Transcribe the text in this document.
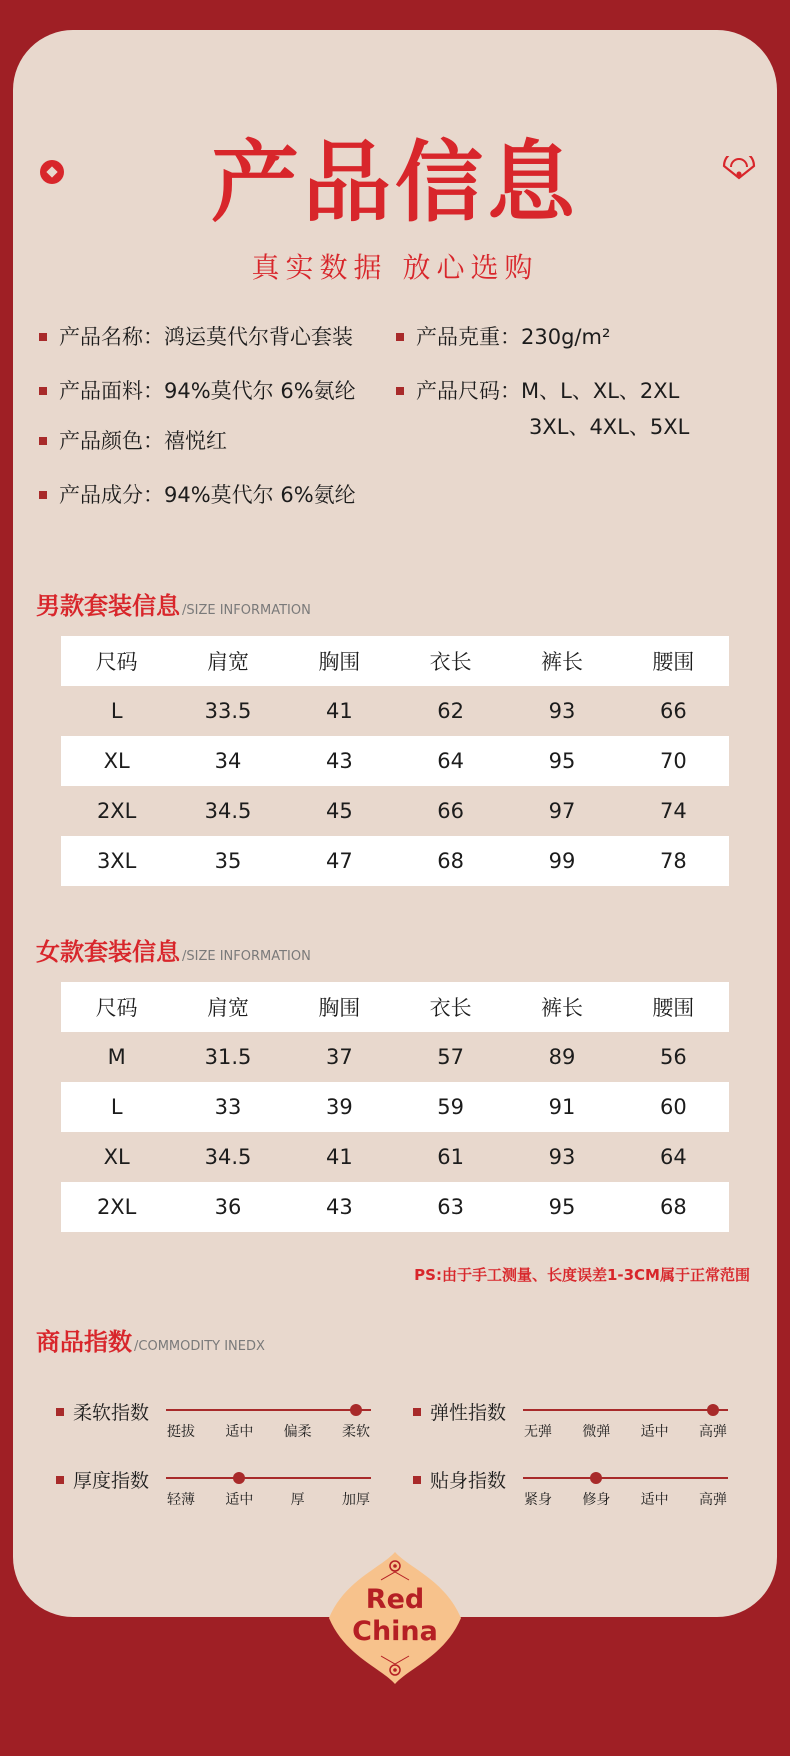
产品信息
真实数据 放心选购
产品名称：鸿运莫代尔背心套装
产品面料：94%莫代尔 6%氨纶
产品颜色：禧悦红
产品成分：94%莫代尔 6%氨纶
产品克重：230g/m²
产品尺码：M、L、XL、2XL
3XL、4XL、5XL
男款套装信息 /SIZE INFORMATION
尺码	肩宽	胸围	衣长	裤长	腰围
L	33.5	41	62	93	66
XL	34	43	64	95	70
2XL	34.5	45	66	97	74
3XL	35	47	68	99	78
女款套装信息 /SIZE INFORMATION
尺码	肩宽	胸围	衣长	裤长	腰围
M	31.5	37	57	89	56
L	33	39	59	91	60
XL	34.5	41	61	93	64
2XL	36	43	63	95	68
PS:由于手工测量、长度误差1-3CM属于正常范围
商品指数 /COMMODITY INEDX
柔软指数
挺拔 适中 偏柔 柔软
弹性指数
无弹 微弹 适中 高弹
厚度指数
轻薄 适中	厚	加厚
贴身指数
紧身 修身 适中 高弹
Red
China
